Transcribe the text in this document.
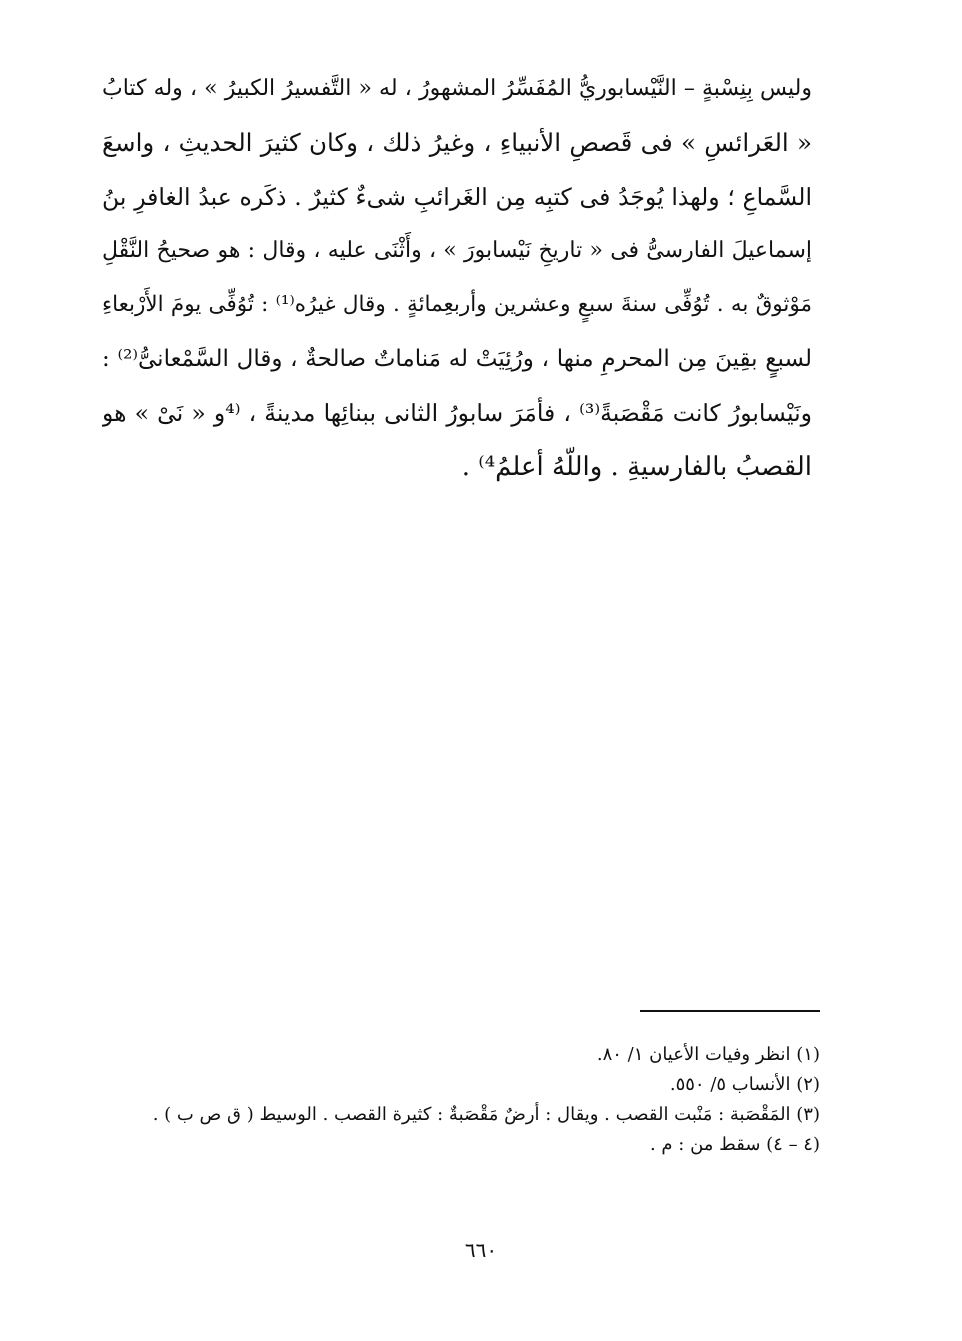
وليس بِنِسْبةٍ – النَّيْسابوريُّ المُفَسِّرُ المشهورُ ، له « التَّفسيرُ الكبيرُ » ، وله كتابُ
« العَرائسِ » فى قَصصِ الأنبياءِ ، وغيرُ ذلك ، وكان كثيرَ الحديثِ ، واسعَ
السَّماعِ ؛ ولهذا يُوجَدُ فى كتبِه مِن الغَرائبِ شىءٌ كثيرٌ . ذكَره عبدُ الغافرِ بنُ
إسماعيلَ الفارسىُّ فى « تاريخِ نَيْسابورَ » ، وأَثْنَى عليه ، وقال : هو صحيحُ النَّقْلِ
مَوْثوقٌ به . تُوُفِّى سنةَ سبعٍ وعشرين وأربعِمائةٍ . وقال غيرُه⁽¹⁾ : تُوُفِّى يومَ الأَرْبعاءِ
لسبعٍ بقِينَ مِن المحرمِ منها ، ورُئِيَتْ له مَناماتٌ صالحةٌ ، وقال السَّمْعانىُّ⁽²⁾ :
ونَيْسابورُ كانت مَقْصَبةً⁽³⁾ ، فأمَرَ سابورُ الثانى ببنائِها مدينةً ، ⁽⁴و « نَىْ » هو
القصبُ بالفارسيةِ . واللّهُ أعلمُ⁴⁾ .
(١) انظر وفيات الأعيان ١/ ٨٠.
(٢) الأنساب ٥/ ٥٥٠.
(٣) المَقْصَبة : مَنْبت القصب . ويقال : أرضٌ مَقْصَبةٌ : كثيرة القصب . الوسيط ( ق ص ب ) .
(٤ – ٤) سقط من : م .
٦٦٠
